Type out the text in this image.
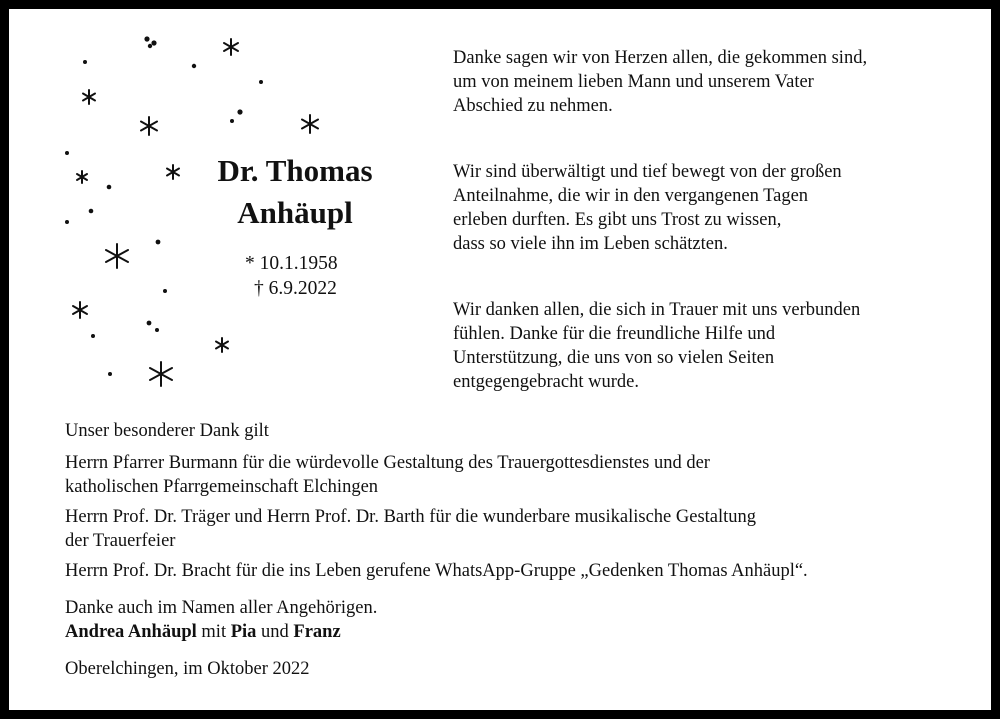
Dr. Thomas
Anhäupl
* 10.1.1958
† 6.9.2022
Danke sagen wir von Herzen allen, die gekommen sind,
um von meinem lieben Mann und unserem Vater
Abschied zu nehmen.
Wir sind überwältigt und tief bewegt von der großen
Anteilnahme, die wir in den vergangenen Tagen
erleben durften. Es gibt uns Trost zu wissen,
dass so viele ihn im Leben schätzten.
Wir danken allen, die sich in Trauer mit uns verbunden
fühlen. Danke für die freundliche Hilfe und
Unterstützung, die uns von so vielen Seiten
entgegengebracht wurde.
Unser besonderer Dank gilt
Herrn Pfarrer Burmann für die würdevolle Gestaltung des Trauergottesdienstes und der
katholischen Pfarrgemeinschaft Elchingen
Herrn Prof. Dr. Träger und Herrn Prof. Dr. Barth für die wunderbare musikalische Gestaltung
der Trauerfeier
Herrn Prof. Dr. Bracht für die ins Leben gerufene WhatsApp-Gruppe „Gedenken Thomas Anhäupl“.
Danke auch im Namen aller Angehörigen.
Andrea Anhäupl mit Pia und Franz
Oberelchingen, im Oktober 2022
